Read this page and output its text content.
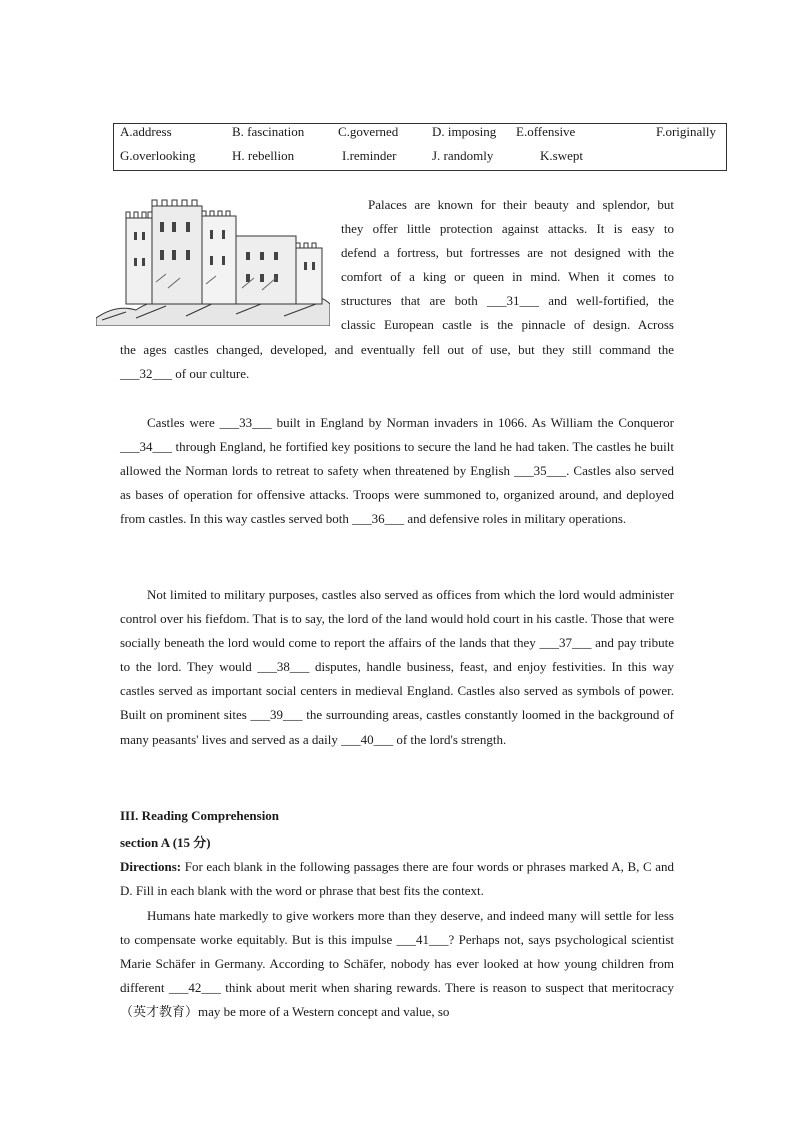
A.address	B. fascination	C.governed	D. imposing E.offensive	F.originally
G.overlooking	H. rebellion	I.reminder	J. randomly	K.swept
Palaces are known for their beauty and splendor, but
they offer little protection against attacks. It is easy to
defend a fortress, but fortresses are not designed with the
comfort of a king or queen in mind. When it comes to
structures that are both ___31___ and well-fortified, the
classic European castle is the pinnacle of design. Across
the ages castles changed, developed, and eventually fell out of use, but they still command the
___32___ of our culture.
Castles were ___33___ built in England by Norman invaders in 1066. As William the Conqueror ___34___ through England, he fortified key positions to secure the land he had taken. The castles he built allowed the Norman lords to retreat to safety when threatened by English ___35___. Castles also served as bases of operation for offensive attacks. Troops were summoned to, organized around, and deployed from castles. In this way castles served both ___36___ and defensive roles in military operations.
Not limited to military purposes, castles also served as offices from which the lord would administer control over his fiefdom. That is to say, the lord of the land would hold court in his castle. Those that were socially beneath the lord would come to report the affairs of the lands that they ___37___ and pay tribute to the lord. They would ___38___ disputes, handle business, feast, and enjoy festivities. In this way castles served as important social centers in medieval England. Castles also served as symbols of power. Built on prominent sites ___39___ the surrounding areas, castles constantly loomed in the background of many peasants' lives and served as a daily ___40___ of the lord's strength.
III. Reading Comprehension
section A (15 分)
Directions: For each blank in the following passages there are four words or phrases marked A, B, C and D. Fill in each blank with the word or phrase that best fits the context.
Humans hate markedly to give workers more than they deserve, and indeed many will settle for less to compensate worke equitably. But is this impulse ___41___? Perhaps not, says psychological scientist Marie Schäfer in Germany. According to Schäfer, nobody has ever looked at how young children from different ___42___ think about merit when sharing rewards. There is reason to suspect that meritocracy（英才教育）may be more of a Western concept and value, so
